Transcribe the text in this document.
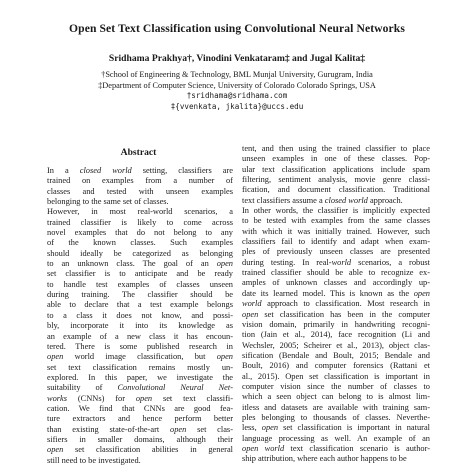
Open Set Text Classification using Convolutional Neural Networks
Sridhama Prakhya†, Vinodini Venkataram‡ and Jugal Kalita‡
†School of Engineering & Technology, BML Munjal University, Gurugram, India
‡Department of Computer Science, University of Colorado Colorado Springs, USA
†sridhama@sridhama.com
‡{vvenkata, jkalita}@uccs.edu
Abstract
In a closed world setting, classifiers are
trained on examples from a number of
classes and tested with unseen examples
belonging to the same set of classes.
However, in most real-world scenarios, a
trained classifier is likely to come across
novel examples that do not belong to any
of the known classes. Such examples
should ideally be categorized as belonging
to an unknown class. The goal of an open
set classifier is to anticipate and be ready
to handle test examples of classes unseen
during training. The classifier should be
able to declare that a test example belongs
to a class it does not know, and possi-
bly, incorporate it into its knowledge as
an example of a new class it has encoun-
tered. There is some published research in
open world image classification, but open
set text classification remains mostly un-
explored. In this paper, we investigate the
suitability of Convolutional Neural Net-
works (CNNs) for open set text classifi-
cation. We find that CNNs are good fea-
ture extractors and hence perform better
than existing state-of-the-art open set clas-
sifiers in smaller domains, although their
open set classification abilities in general
still need to be investigated.
tent, and then using the trained classifier to place
unseen examples in one of these classes. Pop-
ular text classification applications include spam
filtering, sentiment analysis, movie genre classi-
fication, and document classification. Traditional
text classifiers assume a closed world approach.
In other words, the classifier is implicitly expected
to be tested with examples from the same classes
with which it was initially trained. However, such
classifiers fail to identify and adapt when exam-
ples of previously unseen classes are presented
during testing. In real-world scenarios, a robust
trained classifier should be able to recognize ex-
amples of unknown classes and accordingly up-
date its learned model. This is known as the open
world approach to classification. Most research in
open set classification has been in the computer
vision domain, primarily in handwriting recogni-
tion (Jain et al., 2014), face recognition (Li and
Wechsler, 2005; Scheirer et al., 2013), object clas-
sification (Bendale and Boult, 2015; Bendale and
Boult, 2016) and computer forensics (Rattani et
al., 2015). Open set classification is important in
computer vision since the number of classes to
which a seen object can belong to is almost lim-
itless and datasets are available with training sam-
ples belonging to thousands of classes. Neverthe-
less, open set classification is important in natural
language processing as well. An example of an
open world text classification scenario is author-
ship attribution, where each author happens to be
